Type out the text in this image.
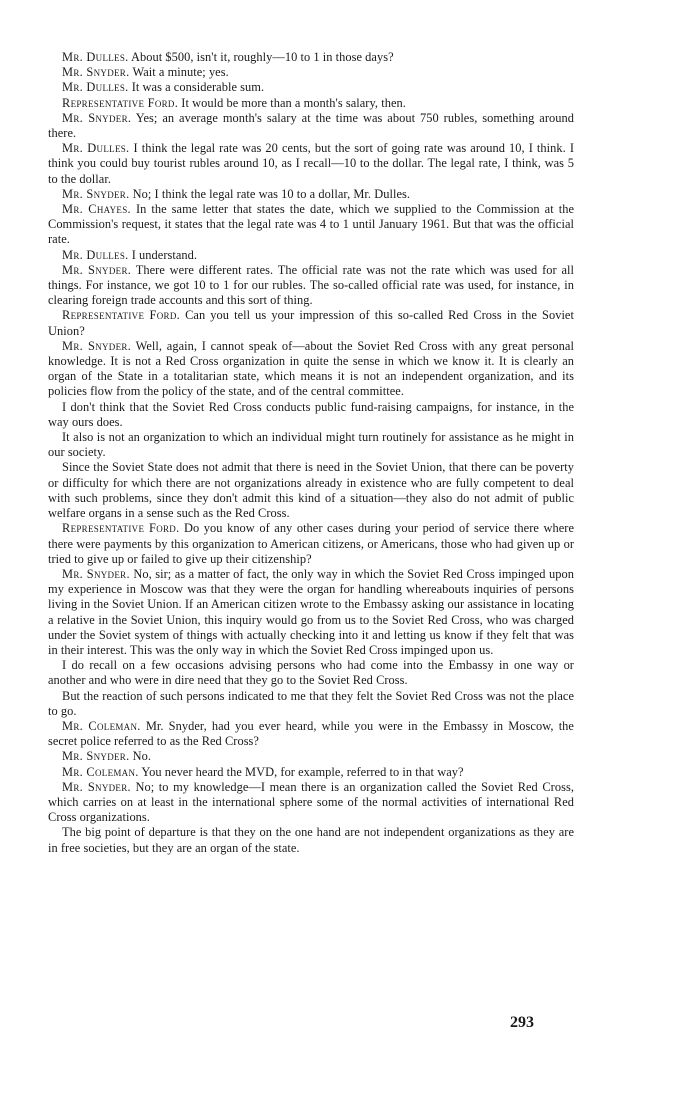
Mr. Dulles. About $500, isn't it, roughly—10 to 1 in those days?

Mr. Snyder. Wait a minute; yes.

Mr. Dulles. It was a considerable sum.

Representative Ford. It would be more than a month's salary, then.

Mr. Snyder. Yes; an average month's salary at the time was about 750 rubles, something around there.

Mr. Dulles. I think the legal rate was 20 cents, but the sort of going rate was around 10, I think. I think you could buy tourist rubles around 10, as I recall—10 to the dollar. The legal rate, I think, was 5 to the dollar.

Mr. Snyder. No; I think the legal rate was 10 to a dollar, Mr. Dulles.

Mr. Chayes. In the same letter that states the date, which we supplied to the Commission at the Commission's request, it states that the legal rate was 4 to 1 until January 1961. But that was the official rate.

Mr. Dulles. I understand.

Mr. Snyder. There were different rates. The official rate was not the rate which was used for all things. For instance, we got 10 to 1 for our rubles. The so-called official rate was used, for instance, in clearing foreign trade accounts and this sort of thing.

Representative Ford. Can you tell us your impression of this so-called Red Cross in the Soviet Union?

Mr. Snyder. Well, again, I cannot speak of—about the Soviet Red Cross with any great personal knowledge. It is not a Red Cross organization in quite the sense in which we know it. It is clearly an organ of the State in a totalitarian state, which means it is not an independent organization, and its policies flow from the policy of the state, and of the central committee.

I don't think that the Soviet Red Cross conducts public fund-raising campaigns, for instance, in the way ours does.

It also is not an organization to which an individual might turn routinely for assistance as he might in our society.

Since the Soviet State does not admit that there is need in the Soviet Union, that there can be poverty or difficulty for which there are not organizations already in existence who are fully competent to deal with such problems, since they don't admit this kind of a situation—they also do not admit of public welfare organs in a sense such as the Red Cross.

Representative Ford. Do you know of any other cases during your period of service there where there were payments by this organization to American citizens, or Americans, those who had given up or tried to give up or failed to give up their citizenship?

Mr. Snyder. No, sir; as a matter of fact, the only way in which the Soviet Red Cross impinged upon my experience in Moscow was that they were the organ for handling whereabouts inquiries of persons living in the Soviet Union. If an American citizen wrote to the Embassy asking our assistance in locating a relative in the Soviet Union, this inquiry would go from us to the Soviet Red Cross, who was charged under the Soviet system of things with actually checking into it and letting us know if they felt that was in their interest. This was the only way in which the Soviet Red Cross impinged upon us.

I do recall on a few occasions advising persons who had come into the Embassy in one way or another and who were in dire need that they go to the Soviet Red Cross.

But the reaction of such persons indicated to me that they felt the Soviet Red Cross was not the place to go.

Mr. Coleman. Mr. Snyder, had you ever heard, while you were in the Embassy in Moscow, the secret police referred to as the Red Cross?

Mr. Snyder. No.

Mr. Coleman. You never heard the MVD, for example, referred to in that way?

Mr. Snyder. No; to my knowledge—I mean there is an organization called the Soviet Red Cross, which carries on at least in the international sphere some of the normal activities of international Red Cross organizations.

The big point of departure is that they on the one hand are not independent organizations as they are in free societies, but they are an organ of the state.

293
